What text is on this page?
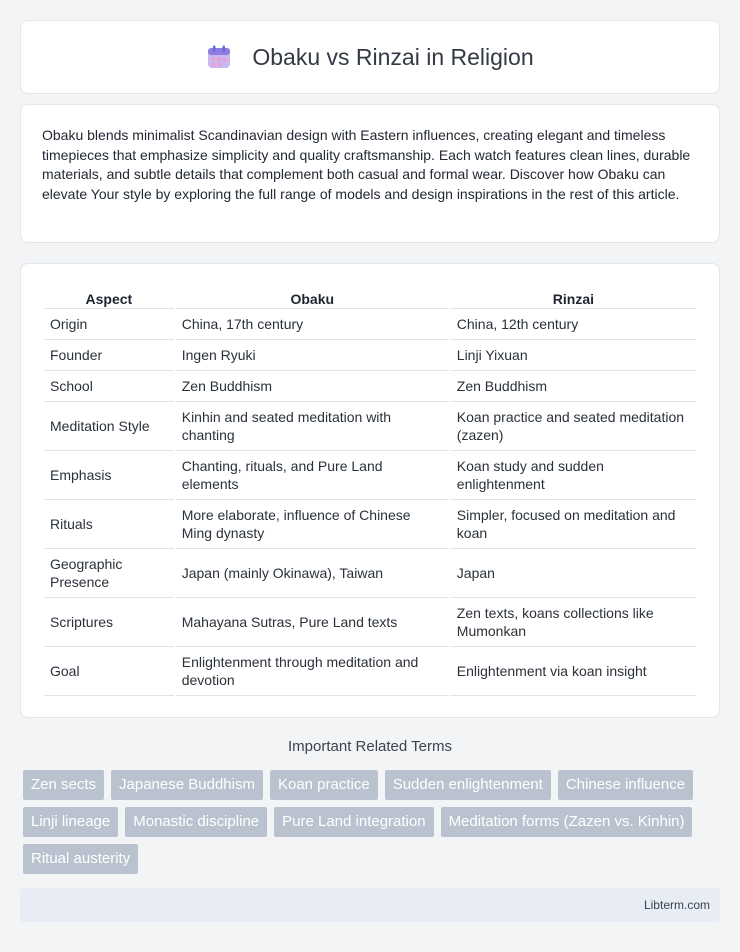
Obaku vs Rinzai in Religion

Obaku blends minimalist Scandinavian design with Eastern influences, creating elegant and timeless timepieces that emphasize simplicity and quality craftsmanship. Each watch features clean lines, durable materials, and subtle details that complement both casual and formal wear. Discover how Obaku can elevate Your style by exploring the full range of models and design inspirations in the rest of this article.

Aspect	Obaku	Rinzai
Origin	China, 17th century	China, 12th century
Founder	Ingen Ryuki	Linji Yixuan
School	Zen Buddhism	Zen Buddhism
Meditation Style	Kinhin and seated meditation with chanting	Koan practice and seated meditation (zazen)
Emphasis	Chanting, rituals, and Pure Land elements	Koan study and sudden enlightenment
Rituals	More elaborate, influence of Chinese Ming dynasty	Simpler, focused on meditation and koan
Geographic Presence	Japan (mainly Okinawa), Taiwan	Japan
Scriptures	Mahayana Sutras, Pure Land texts	Zen texts, koans collections like Mumonkan
Goal	Enlightenment through meditation and devotion	Enlightenment via koan insight
Important Related Terms
Zen sects	Japanese Buddhism	Koan practice	Sudden enlightenment	Chinese influence
Linji lineage	Monastic discipline	Pure Land integration	Meditation forms (Zazen vs. Kinhin)
Ritual austerity
Libterm.com
